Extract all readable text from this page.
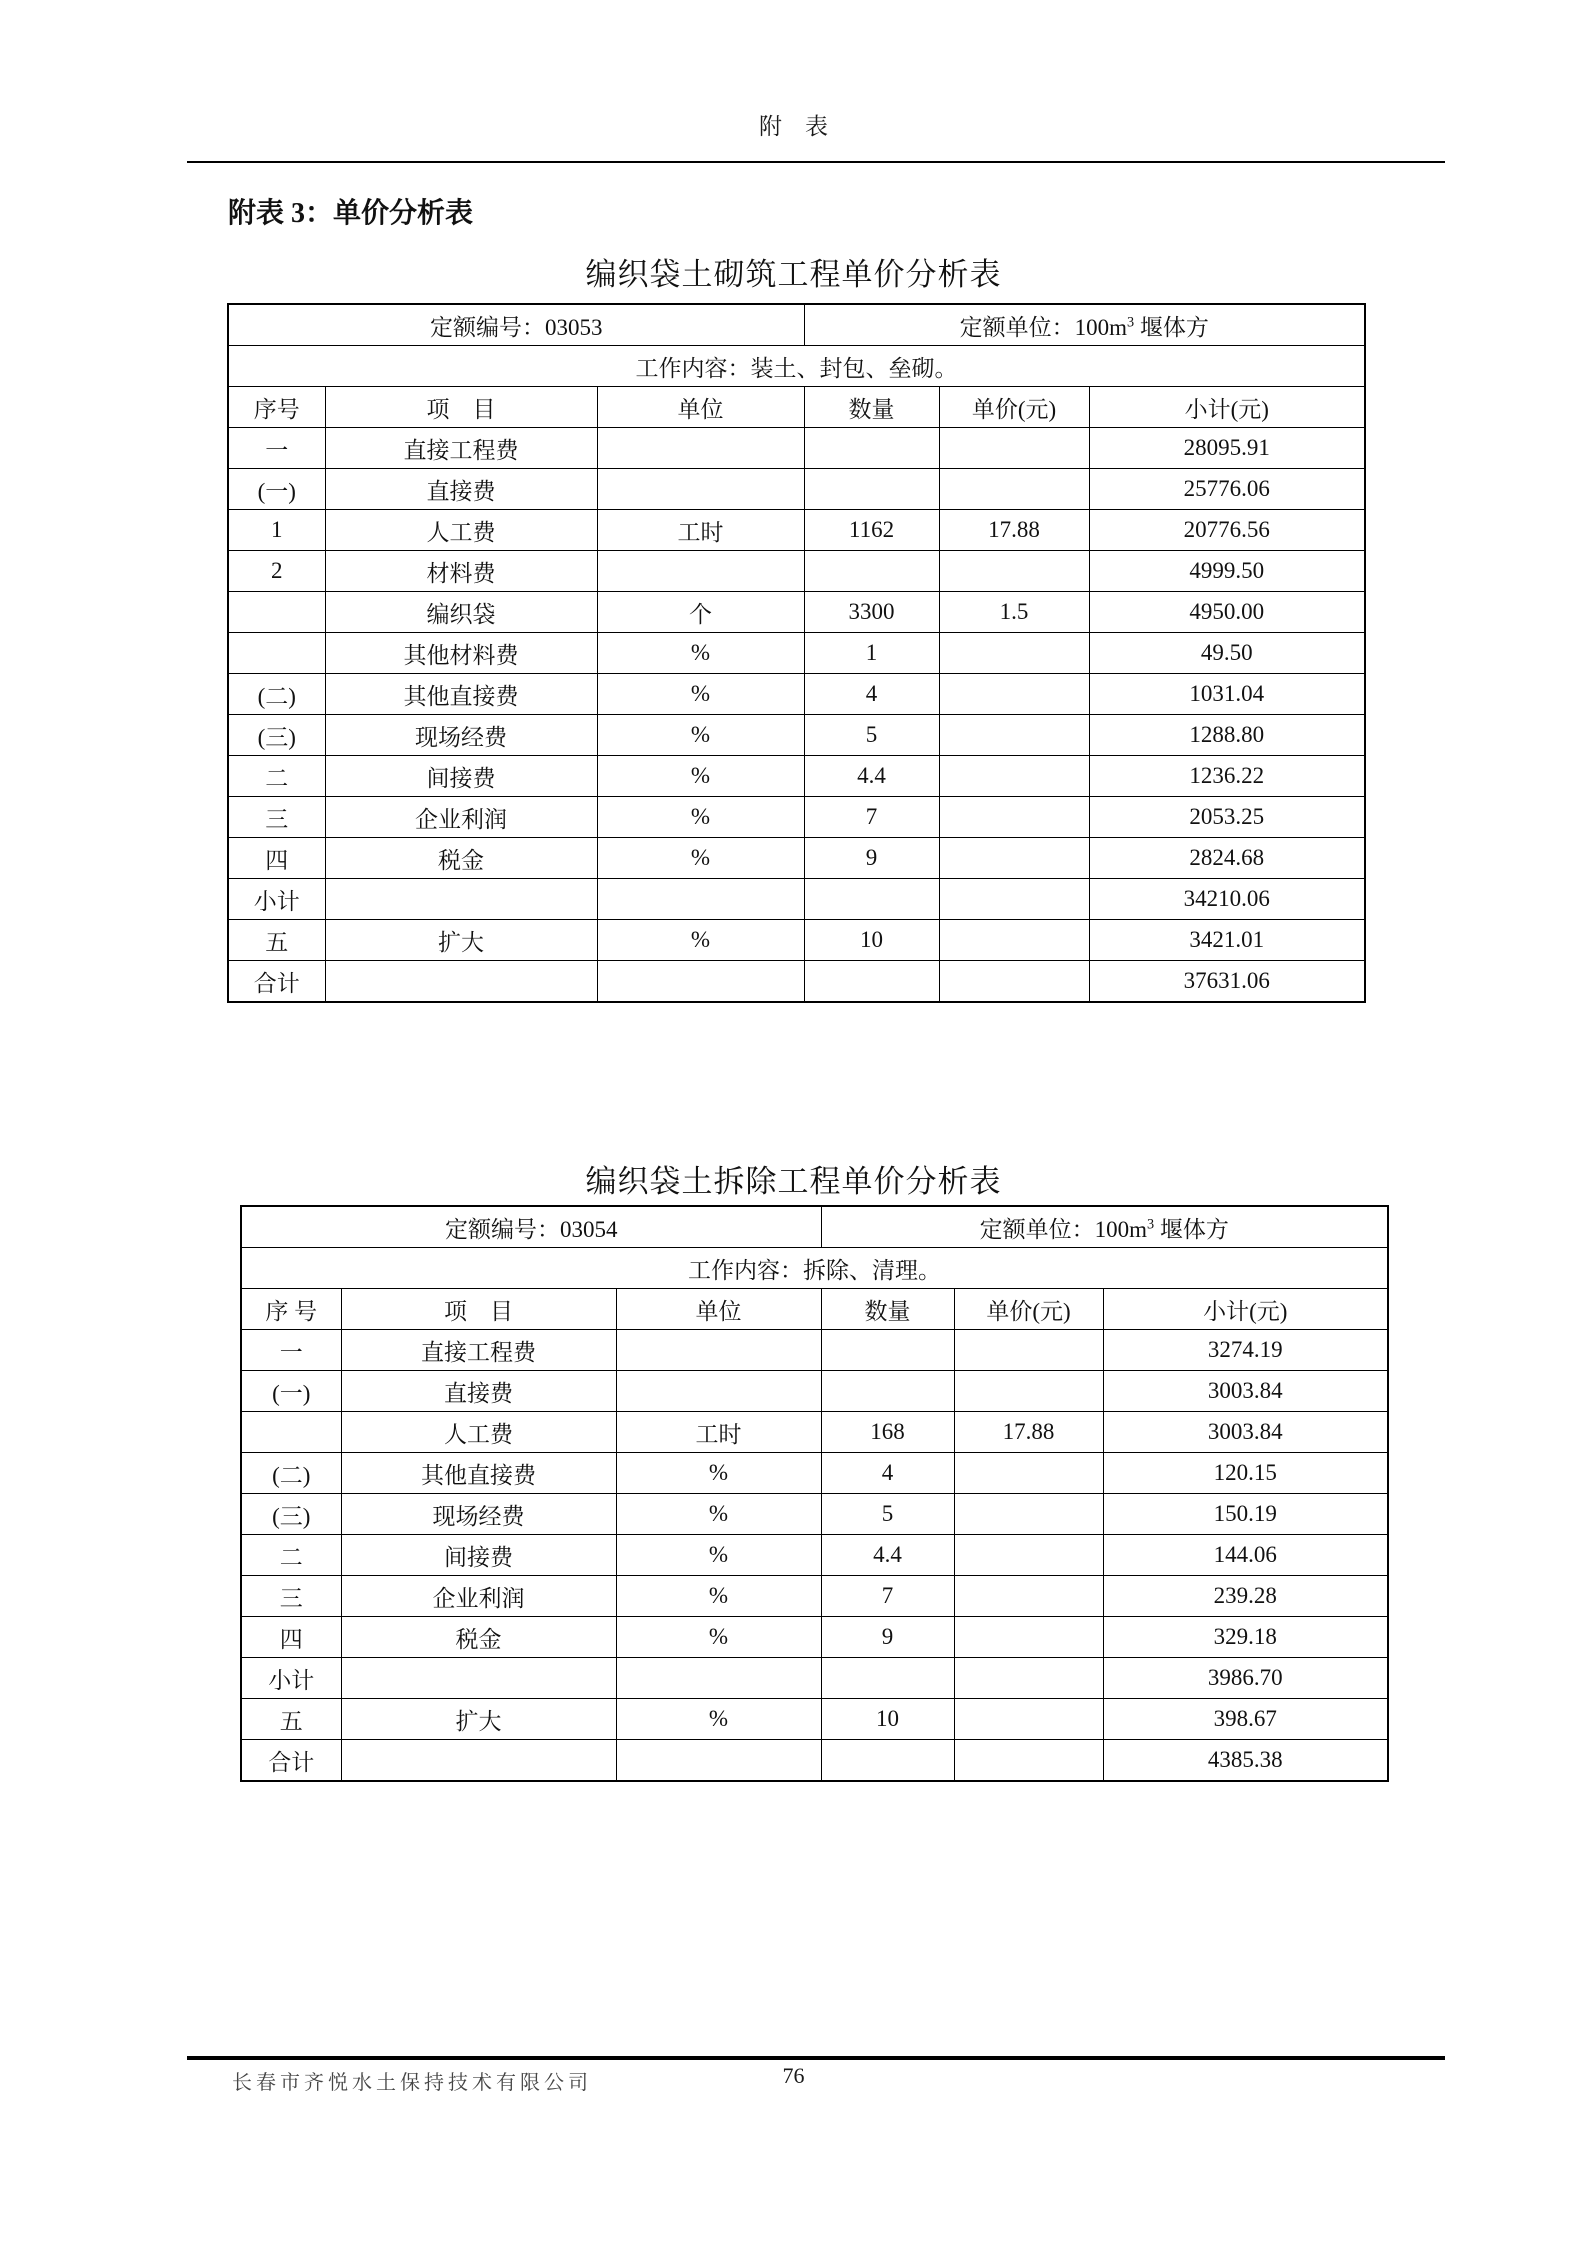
附　表
附表 3：单价分析表
编织袋土砌筑工程单价分析表
定额编号：03053			定额单位：$100m^3$ 堰体方		
工作内容：装土、封包、垒砌。					
序号	项　目	单位	数量	单价(元)	小计(元)
一	直接工程费				28095.91
(一)	直接费				25776.06
1	人工费	工时	1162	17.88	20776.56
2	材料费				4999.50
	编织袋	个	3300	1.5	4950.00
	其他材料费	%	1		49.50
(二)	其他直接费	%	4		1031.04
(三)	现场经费	%	5		1288.80
二	间接费	%	4.4		1236.22
三	企业利润	%	7		2053.25
四	税金	%	9		2824.68
小计					34210.06
五	扩大	%	10		3421.01
合计					37631.06
编织袋土拆除工程单价分析表
定额编号：03054			定额单位：$100m^3$ 堰体方		
工作内容：拆除、清理。					
序 号	项　目	单位	数量	单价(元)	小计(元)
一	直接工程费				3274.19
(一)	直接费				3003.84
	人工费	工时	168	17.88	3003.84
(二)	其他直接费	%	4		120.15
(三)	现场经费	%	5		150.19
二	间接费	%	4.4		144.06
三	企业利润	%	7		239.28
四	税金	%	9		329.18
小计					3986.70
五	扩大	%	10		398.67
合计					4385.38
长春市齐悦水土保持技术有限公司	76
